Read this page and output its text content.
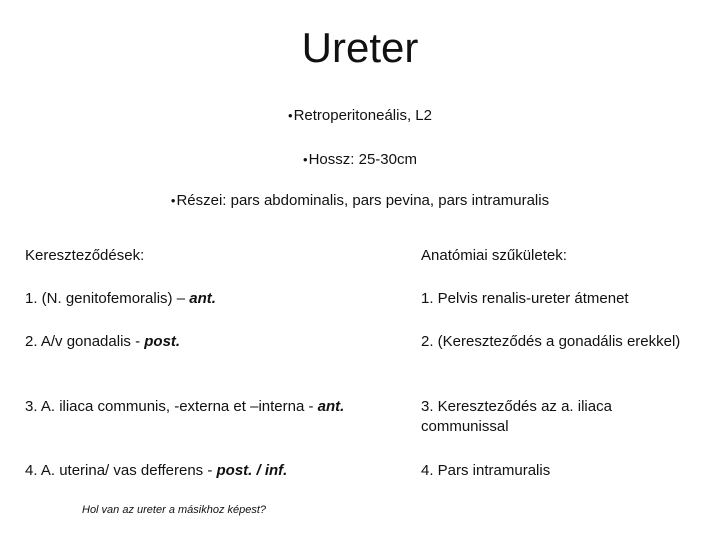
Ureter
•Retroperitoneális, L2
•Hossz: 25-30cm
•Részei: pars abdominalis, pars pevina, pars intramuralis
Kereszteződések:
1. (N. genitofemoralis) – ant.
2. A/v gonadalis - post.
3. A. iliaca communis, -externa et –interna - ant.
4. A. uterina/ vas defferens - post. / inf.
Anatómiai szűkületek:
1. Pelvis renalis-ureter átmenet
2. (Kereszteződés a gonadális erekkel)
3. Kereszteződés az a. iliaca communissal
4. Pars intramuralis
Hol van az ureter a másikhoz képest?
